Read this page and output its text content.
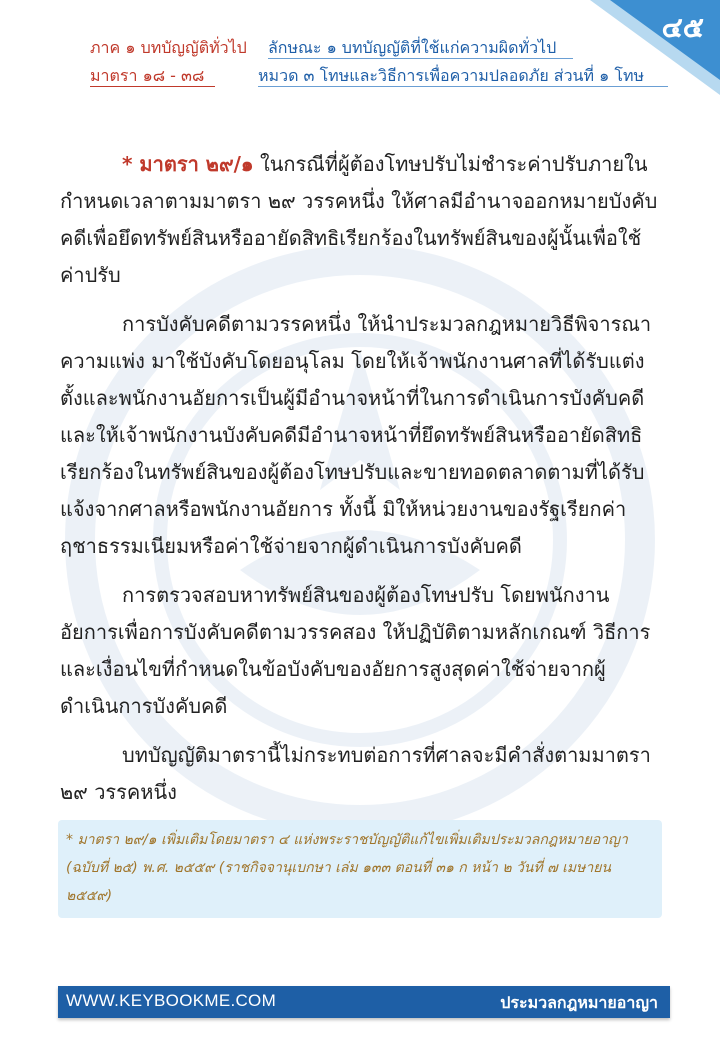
๔๕
ภาค ๑ บทบัญญัติทั่วไป ลักษณะ ๑ บทบัญญัติที่ใช้แก่ความผิดทั่วไป
มาตรา ๑๘ - ๓๘	หมวด ๓ โทษและวิธีการเพื่อความปลอดภัย ส่วนที่ ๑ โทษ

* มาตรา ๒๙/๑ ในกรณีที่ผู้ต้องโทษปรับไม่ชำระค่าปรับภายในกำหนดเวลาตามมาตรา ๒๙ วรรคหนึ่ง ให้ศาลมีอำนาจออกหมายบังคับคดีเพื่อยึดทรัพย์สินหรืออายัดสิทธิเรียกร้องในทรัพย์สินของผู้นั้นเพื่อใช้ค่าปรับ

การบังคับคดีตามวรรคหนึ่ง ให้นำประมวลกฎหมายวิธีพิจารณาความแพ่ง มาใช้บังคับโดยอนุโลม โดยให้เจ้าพนักงานศาลที่ได้รับแต่งตั้งและพนักงานอัยการเป็นผู้มีอำนาจหน้าที่ในการดำเนินการบังคับคดี และให้เจ้าพนักงานบังคับคดีมีอำนาจหน้าที่ยึดทรัพย์สินหรืออายัดสิทธิเรียกร้องในทรัพย์สินของผู้ต้องโทษปรับและขายทอดตลาดตามที่ได้รับแจ้งจากศาลหรือพนักงานอัยการ ทั้งนี้ มิให้หน่วยงานของรัฐเรียกค่าฤชาธรรมเนียมหรือค่าใช้จ่ายจากผู้ดำเนินการบังคับคดี

การตรวจสอบหาทรัพย์สินของผู้ต้องโทษปรับ โดยพนักงานอัยการเพื่อการบังคับคดีตามวรรคสอง ให้ปฏิบัติตามหลักเกณฑ์ วิธีการ และเงื่อนไขที่กำหนดในข้อบังคับของอัยการสูงสุดค่าใช้จ่ายจากผู้ดำเนินการบังคับคดี

บทบัญญัติมาตรานี้ไม่กระทบต่อการที่ศาลจะมีคำสั่งตามมาตรา ๒๙ วรรคหนึ่ง

* มาตรา ๒๙/๑ เพิ่มเติมโดยมาตรา ๔ แห่งพระราชบัญญัติแก้ไขเพิ่มเติมประมวลกฎหมายอาญา (ฉบับที่ ๒๕) พ.ศ. ๒๕๕๙ (ราชกิจจานุเบกษา เล่ม ๑๓๓ ตอนที่ ๓๑ ก หน้า ๒ วันที่ ๗ เมษายน ๒๕๕๙)
WWW.KEYBOOKME.COM	ประมวลกฎหมายอาญา
